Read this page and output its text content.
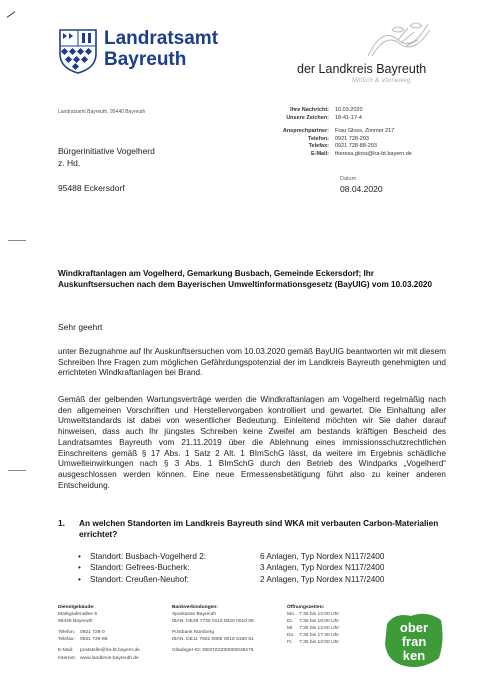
Landratsamt
Bayreuth	der Landkreis Bayreuth
Mittlich & Vorneweg
Landratsamt Bayreuth, 95440 Bayreuth	Ihre Nachricht:	10.03.2020
Unsere Zeichen:	18-41-17-4
Ansprechpartner:	Frau Gloss, Zimmer 217
Telefon:	0921 728-293
Telefax:	0921 728-88-293
E-Mail:	theresa.gloss@lra-bt.bayern.de
Bürgerinitiative Vogelherd
z. Hd.
95488 Eckersdorf
Datum
08.04.2020
Windkraftanlagen am Vogelherd, Gemarkung Busbach, Gemeinde Eckersdorf; Ihr Auskunftsersuchen nach dem Bayerischen Umweltinformationsgesetz (BayUIG) vom 10.03.2020
Sehr geehrt
unter Bezugnahme auf Ihr Auskunftsersuchen vom 10.03.2020 gemäß BayUIG beantworten wir mit diesem Schreiben Ihre Fragen zum möglichen Gefährdungspotenzial der im Landkreis Bayreuth genehmigten und errichteten Windkraftanlagen bei Brand.
Gemäß der gelbenden Wartungsverträge werden die Windkraftanlagen am Vogelherd regelmäßig nach den allgemeinen Vorschriften und Herstellervorgaben kontrolliert und gewartet. Die Einhaltung aller Umweltstandards ist dabei von wesentlicher Bedeutung. Einleitend möchten wir Sie daher darauf hinweisen, dass auch Ihr jüngstes Schreiben keine Zweifel am bestands kräftigen Bescheid des Landratsamtes Bayreuth vom 21.11.2019 über die Ablehnung eines immissionsschutzrechtlichen Einschreitens gemäß § 17 Abs. 1 Satz 2 Alt. 1 BImSchG lässt, da weitere im Ergebnis schädliche Umwelteinwirkungen nach § 3 Abs. 1 BImSchG durch den Betrieb des Windparks „Vogelherd“ ausgeschlossen werden können. Eine neue Ermessensbetätigung führt also zu keiner anderen Entscheidung.
1.	An welchen Standorten im Landkreis Bayreuth sind WKA mit verbauten Carbon-Materialien errichtet?
•	Standort: Busbach-Vogelherd 2:	6 Anlagen, Typ Nordex N117/2400
•	Standort: Gefrees-Bucherk:	3 Anlagen, Typ Nordex N117/2400
•	Standort: Creußen-Neuhof:	2 Anlagen, Typ Nordex N117/2400
Dienstgebäude:
Markgrafenallee 5
95448 Bayreuth
Telefon: 0921 728-0
Telefax: 0921 728-88
E-Mail: poststelle@lra-bt.bayern.de
Internet: www.landkreis-bayreuth.de
Bankverbindungen:
Sparkasse Bayreuth
IBAN: DE36 7735 0110 0020 0010 06
Postbank Nürnberg
IBAN: DE11 7601 0085 0018 6160 51
Gläubiger-ID: DE97ZZZ00000048275
Öffnungszeiten:
Mo. 7:30 bis 12:00 Uhr
Di. 7:30 bis 16:00 Uhr
Mi. 7:30 bis 12:00 Uhr
Do. 7:30 bis 17:30 Uhr
Fr. 7:30 bis 12:00 Uhr
ober
fran
ken
